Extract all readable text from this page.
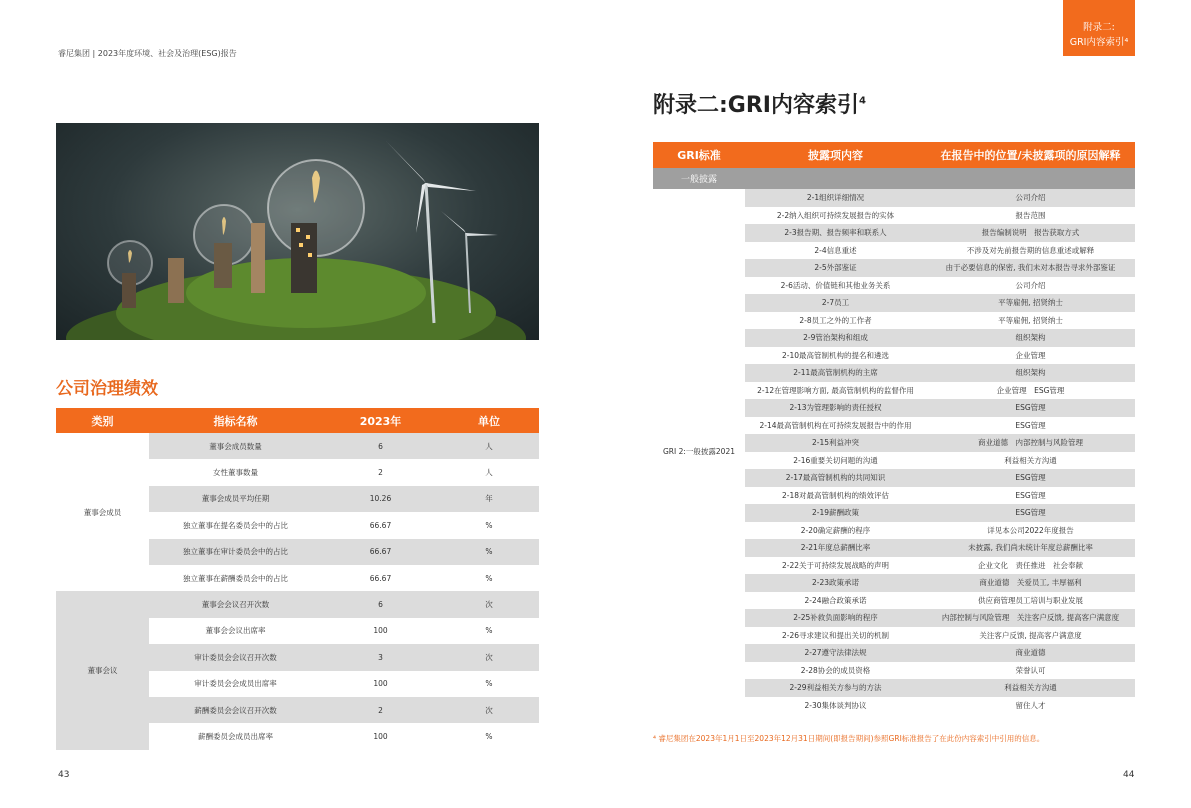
睿尼集团 | 2023年度环境、社会及治理(ESG)报告
公司治理绩效
类别	指标名称	2023年	单位
董事会成员	董事会成员数量	6	人
	女性董事数量	2	人
	董事会成员平均任期	10.26	年
	独立董事在提名委员会中的占比	66.67	%
	独立董事在审计委员会中的占比	66.67	%
	独立董事在薪酬委员会中的占比	66.67	%
董事会议	董事会会议召开次数	6	次
	董事会会议出席率	100	%
	审计委员会会议召开次数	3	次
	审计委员会会成员出席率	100	%
	薪酬委员会会议召开次数	2	次
	薪酬委员会成员出席率	100	%
43
附录二:
GRI内容索引⁴
附录二:GRI内容索引$^4$
GRI标准	披露项内容	在报告中的位置/未披露项的原因解释
一般披露		
GRI 2:一般披露2021	2-1组织详细情况	公司介绍
	2-2纳入组织可持续发展报告的实体	报告范围
	2-3报告期、报告频率和联系人	报告编制说明　报告获取方式
	2-4信息重述	不涉及对先前报告期的信息重述或解释
	2-5外部鉴证	由于必要信息的保密, 我们未对本报告寻求外部鉴证
	2-6活动、价值链和其他业务关系	公司介绍
	2-7员工	平等雇佣, 招贤纳士
	2-8员工之外的工作者	平等雇佣, 招贤纳士
	2-9管治架构和组成	组织架构
	2-10最高管制机构的提名和遴选	企业管理
	2-11最高管制机构的主席	组织架构
	2-12在管理影响方面, 最高管制机构的监督作用	企业管理　ESG管理
	2-13为管理影响的责任授权	ESG管理
	2-14最高管制机构在可持续发展报告中的作用	ESG管理
	2-15利益冲突	商业道德　内部控制与风险管理
	2-16重要关切问题的沟通	利益相关方沟通
	2-17最高管制机构的共同知识	ESG管理
	2-18对最高管制机构的绩效评估	ESG管理
	2-19薪酬政策	ESG管理
	2-20确定薪酬的程序	详见本公司2022年度报告
	2-21年度总薪酬比率	未披露, 我们尚未统计年度总薪酬比率
	2-22关于可持续发展战略的声明	企业文化　责任推进　社会奉献
	2-23政策承诺	商业道德　关爱员工, 丰厚福利
	2-24融合政策承诺	供应商管理员工培训与职业发展
	2-25补救负面影响的程序	内部控制与风险管理　关注客户反馈, 提高客户满意度
	2-26寻求建议和提出关切的机制	关注客户反馈, 提高客户满意度
	2-27遵守法律法规	商业道德
	2-28协会的成员资格	荣誉认可
	2-29利益相关方参与的方法	利益相关方沟通
	2-30集体谈判协议	留住人才
⁴ 睿尼集团在2023年1月1日至2023年12月31日期间(即报告期间)参照GRI标准报告了在此份内容索引中引用的信息。
44
